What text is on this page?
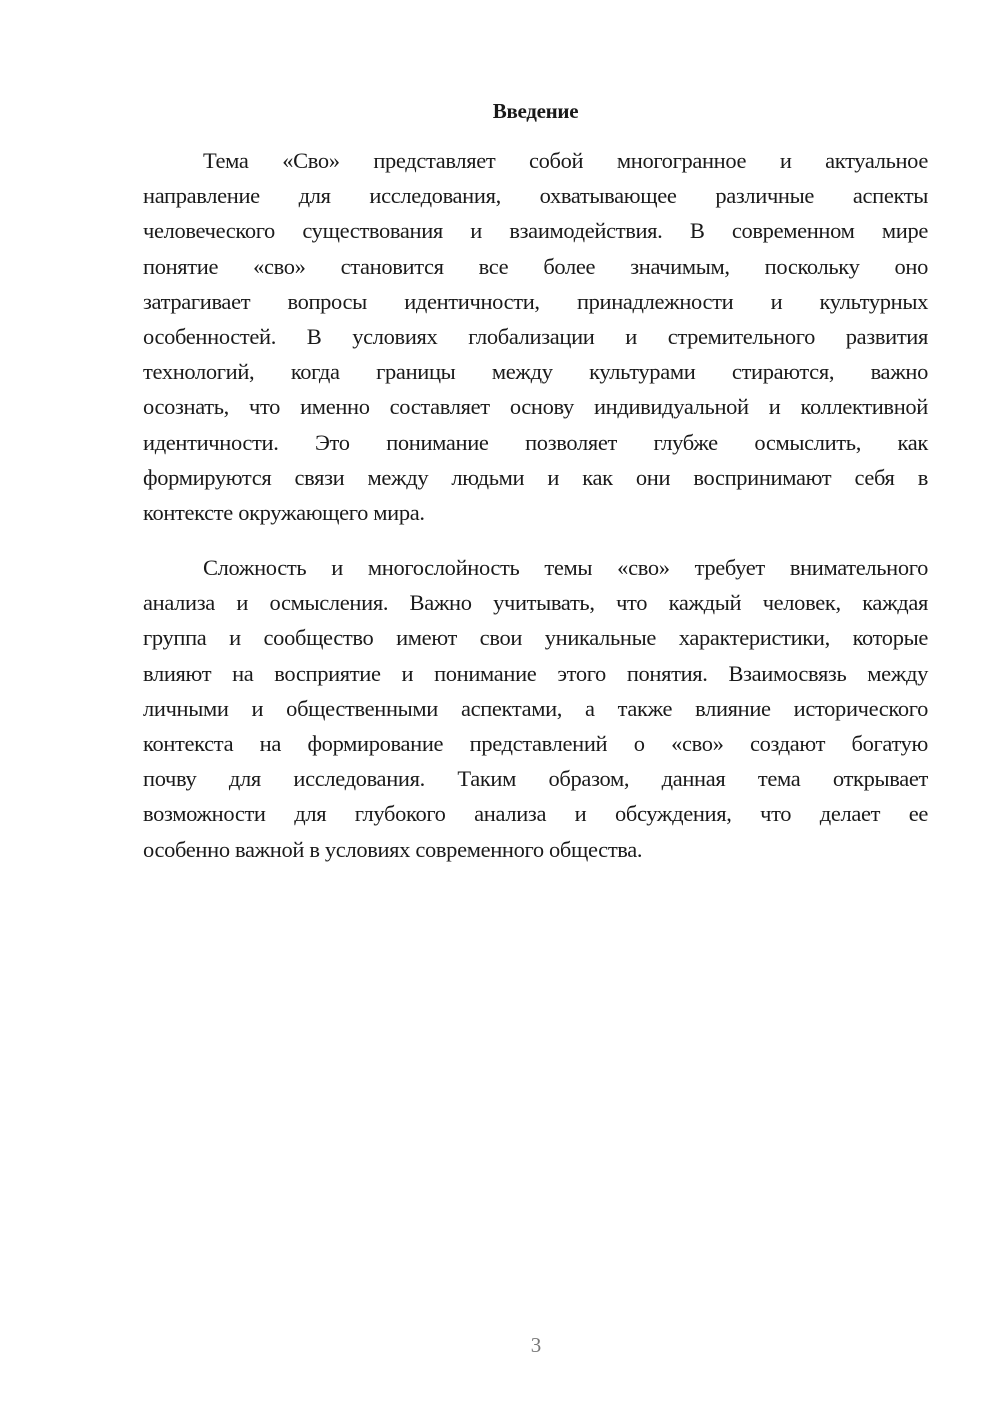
Введение
Тема «Сво» представляет собой многогранное и актуальное
направление для исследования, охватывающее различные аспекты
человеческого существования и взаимодействия. В современном мире
понятие «сво» становится все более значимым, поскольку оно
затрагивает вопросы идентичности, принадлежности и культурных
особенностей. В условиях глобализации и стремительного развития
технологий, когда границы между культурами стираются, важно
осознать, что именно составляет основу индивидуальной и коллективной
идентичности. Это понимание позволяет глубже осмыслить, как
формируются связи между людьми и как они воспринимают себя в
контексте окружающего мира.
Сложность и многослойность темы «сво» требует внимательного
анализа и осмысления. Важно учитывать, что каждый человек, каждая
группа и сообщество имеют свои уникальные характеристики, которые
влияют на восприятие и понимание этого понятия. Взаимосвязь между
личными и общественными аспектами, а также влияние исторического
контекста на формирование представлений о «сво» создают богатую
почву для исследования. Таким образом, данная тема открывает
возможности для глубокого анализа и обсуждения, что делает ее
особенно важной в условиях современного общества.
3
